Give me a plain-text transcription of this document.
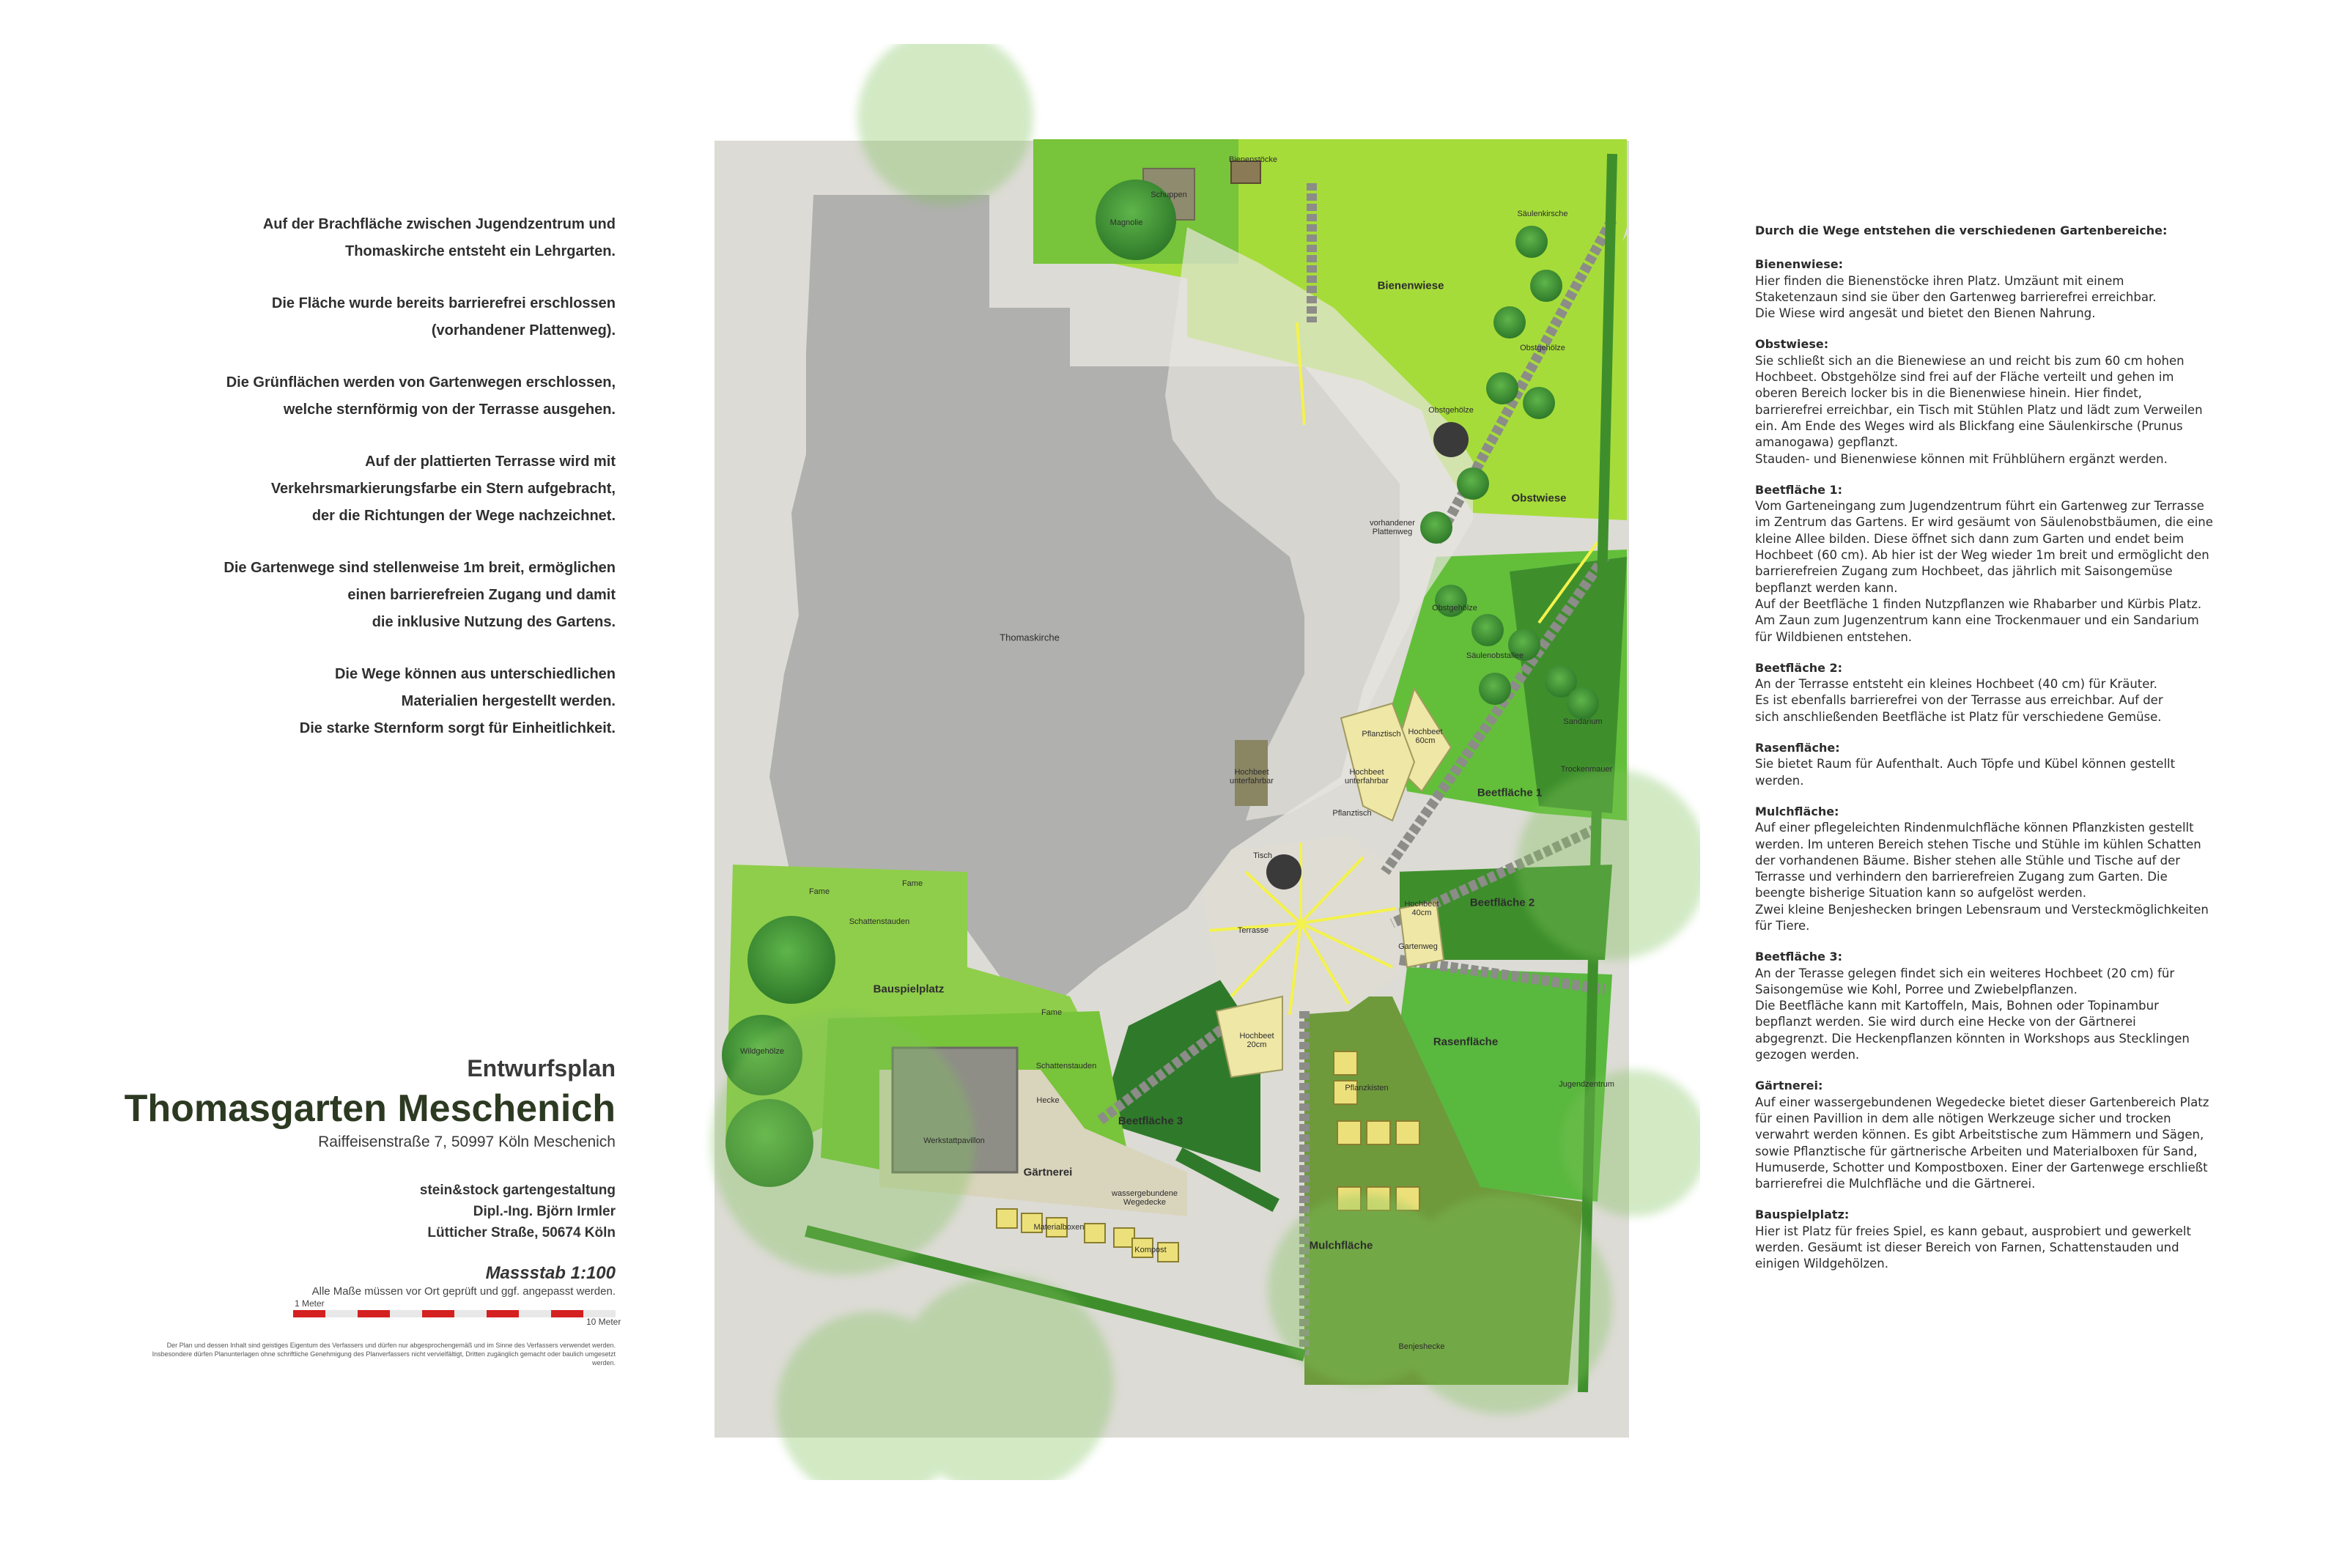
Auf der Brachfläche zwischen Jugendzentrum und
Thomaskirche entsteht ein Lehrgarten.

Die Fläche wurde bereits barrierefrei erschlossen
(vorhandener Plattenweg).

Die Grünflächen werden von Gartenwegen erschlossen,
welche sternförmig von der Terrasse ausgehen.

Auf der plattierten Terrasse wird mit
Verkehrsmarkierungsfarbe ein Stern aufgebracht,
der die Richtungen der Wege nachzeichnet.

Die Gartenwege sind stellenweise 1m breit, ermöglichen
einen barrierefreien Zugang und damit
die inklusive Nutzung des Gartens.

Die Wege können aus unterschiedlichen
Materialien hergestellt werden.
Die starke Sternform sorgt für Einheitlichkeit.

Entwurfsplan
Thomasgarten Meschenich
Raiffeisenstraße 7, 50997 Köln Meschenich
stein&stock gartengestaltung
Dipl.-Ing. Björn Irmler
Lütticher Straße, 50674 Köln
Massstab 1:100
Alle Maße müssen vor Ort geprüft und ggf. angepasst werden.
1 Meter
10 Meter
Der Plan und dessen Inhalt sind geistiges Eigentum des Verfassers und dürfen nur abgesprochengemäß und im Sinne des Verfassers verwendet werden. Insbesondere dürfen Planunterlagen ohne schriftliche Genehmigung des Planverfassers nicht vervielfältigt, Dritten zugänglich gemacht oder baulich umgesetzt werden.
Magnolie
Schuppen
Bienenstöcke
Bienenwiese
Säulenkirsche
Obstgehölze
Obstgehölze
Obstwiese
vorhandener
Plattenweg
Thomaskirche
Obstgehölze
Säulenobstallee
Sandarium
Trockenmauer
Pflanztisch Hochbeet
60cm
Hochbeet
unterfahrbar
Hochbeet
unterfahrbar
Pflanztisch
Beetfläche 1
Tisch
Beetfläche 2
Hochbeet
40cm
Terrasse
Gartenweg
Rasenfläche
Jugendzentrum
Hochbeet
20cm
Pflanzkisten
Beetfläche 3
Fame
Fame
Schattenstauden
Bauspielplatz
Fame
Wildgehölze
Schattenstauden
Hecke
Werkstattpavillon
Gärtnerei
wassergebundene
Wegedecke
Materialboxen
Kompost	Mulchfläche
Benjeshecke
Durch die Wege entstehen die verschiedenen Gartenbereiche:
Bienenwiese:
Hier finden die Bienenstöcke ihren Platz. Umzäunt mit einem
Staketenzaun sind sie über den Gartenweg barrierefrei erreichbar.
Die Wiese wird angesät und bietet den Bienen Nahrung.
Obstwiese:
Sie schließt sich an die Bienewiese an und reicht bis zum 60 cm hohen
Hochbeet. Obstgehölze sind frei auf der Fläche verteilt und gehen im
oberen Bereich locker bis in die Bienenwiese hinein. Hier findet,
barrierefrei erreichbar, ein Tisch mit Stühlen Platz und lädt zum Verweilen
ein. Am Ende des Weges wird als Blickfang eine Säulenkirsche (Prunus
amanogawa) gepflanzt.
Stauden- und Bienenwiese können mit Frühblühern ergänzt werden.
Beetfläche 1:
Vom Garteneingang zum Jugendzentrum führt ein Gartenweg zur Terrasse
im Zentrum das Gartens. Er wird gesäumt von Säulenobstbäumen, die eine
kleine Allee bilden. Diese öffnet sich dann zum Garten und endet beim
Hochbeet (60 cm). Ab hier ist der Weg wieder 1m breit und ermöglicht den
barrierefreien Zugang zum Hochbeet, das jährlich mit Saisongemüse
bepflanzt werden kann.
Auf der Beetfläche 1 finden Nutzpflanzen wie Rhabarber und Kürbis Platz.
Am Zaun zum Jugenzentrum kann eine Trockenmauer und ein Sandarium
für Wildbienen entstehen.
Beetfläche 2:
An der Terrasse entsteht ein kleines Hochbeet (40 cm) für Kräuter.
Es ist ebenfalls barrierefrei von der Terrasse aus erreichbar. Auf der
sich anschließenden Beetfläche ist Platz für verschiedene Gemüse.
Rasenfläche:
Sie bietet Raum für Aufenthalt. Auch Töpfe und Kübel können gestellt
werden.
Mulchfläche:
Auf einer pflegeleichten Rindenmulchfläche können Pflanzkisten gestellt
werden. Im unteren Bereich stehen Tische und Stühle im kühlen Schatten
der vorhandenen Bäume. Bisher stehen alle Stühle und Tische auf der
Terrasse und verhindern den barrierefreien Zugang zum Garten. Die
beengte bisherige Situation kann so aufgelöst werden.
Zwei kleine Benjeshecken bringen Lebensraum und Versteckmöglichkeiten
für Tiere.
Beetfläche 3:
An der Terasse gelegen findet sich ein weiteres Hochbeet (20 cm) für
Saisongemüse wie Kohl, Porree und Zwiebelpflanzen.
Die Beetfläche kann mit Kartoffeln, Mais, Bohnen oder Topinambur
bepflanzt werden. Sie wird durch eine Hecke von der Gärtnerei
abgegrenzt. Die Heckenpflanzen könnten in Workshops aus Stecklingen
gezogen werden.
Gärtnerei:
Auf einer wassergebundenen Wegedecke bietet dieser Gartenbereich Platz
für einen Pavillion in dem alle nötigen Werkzeuge sicher und trocken
verwahrt werden können. Es gibt Arbeitstische zum Hämmern und Sägen,
sowie Pflanztische für gärtnerische Arbeiten und Materialboxen für Sand,
Humuserde, Schotter und Kompostboxen. Einer der Gartenwege erschließt
barrierefrei die Mulchfläche und die Gärtnerei.
Bauspielplatz:
Hier ist Platz für freies Spiel, es kann gebaut, ausprobiert und gewerkelt
werden. Gesäumt ist dieser Bereich von Farnen, Schattenstauden und
einigen Wildgehölzen.
